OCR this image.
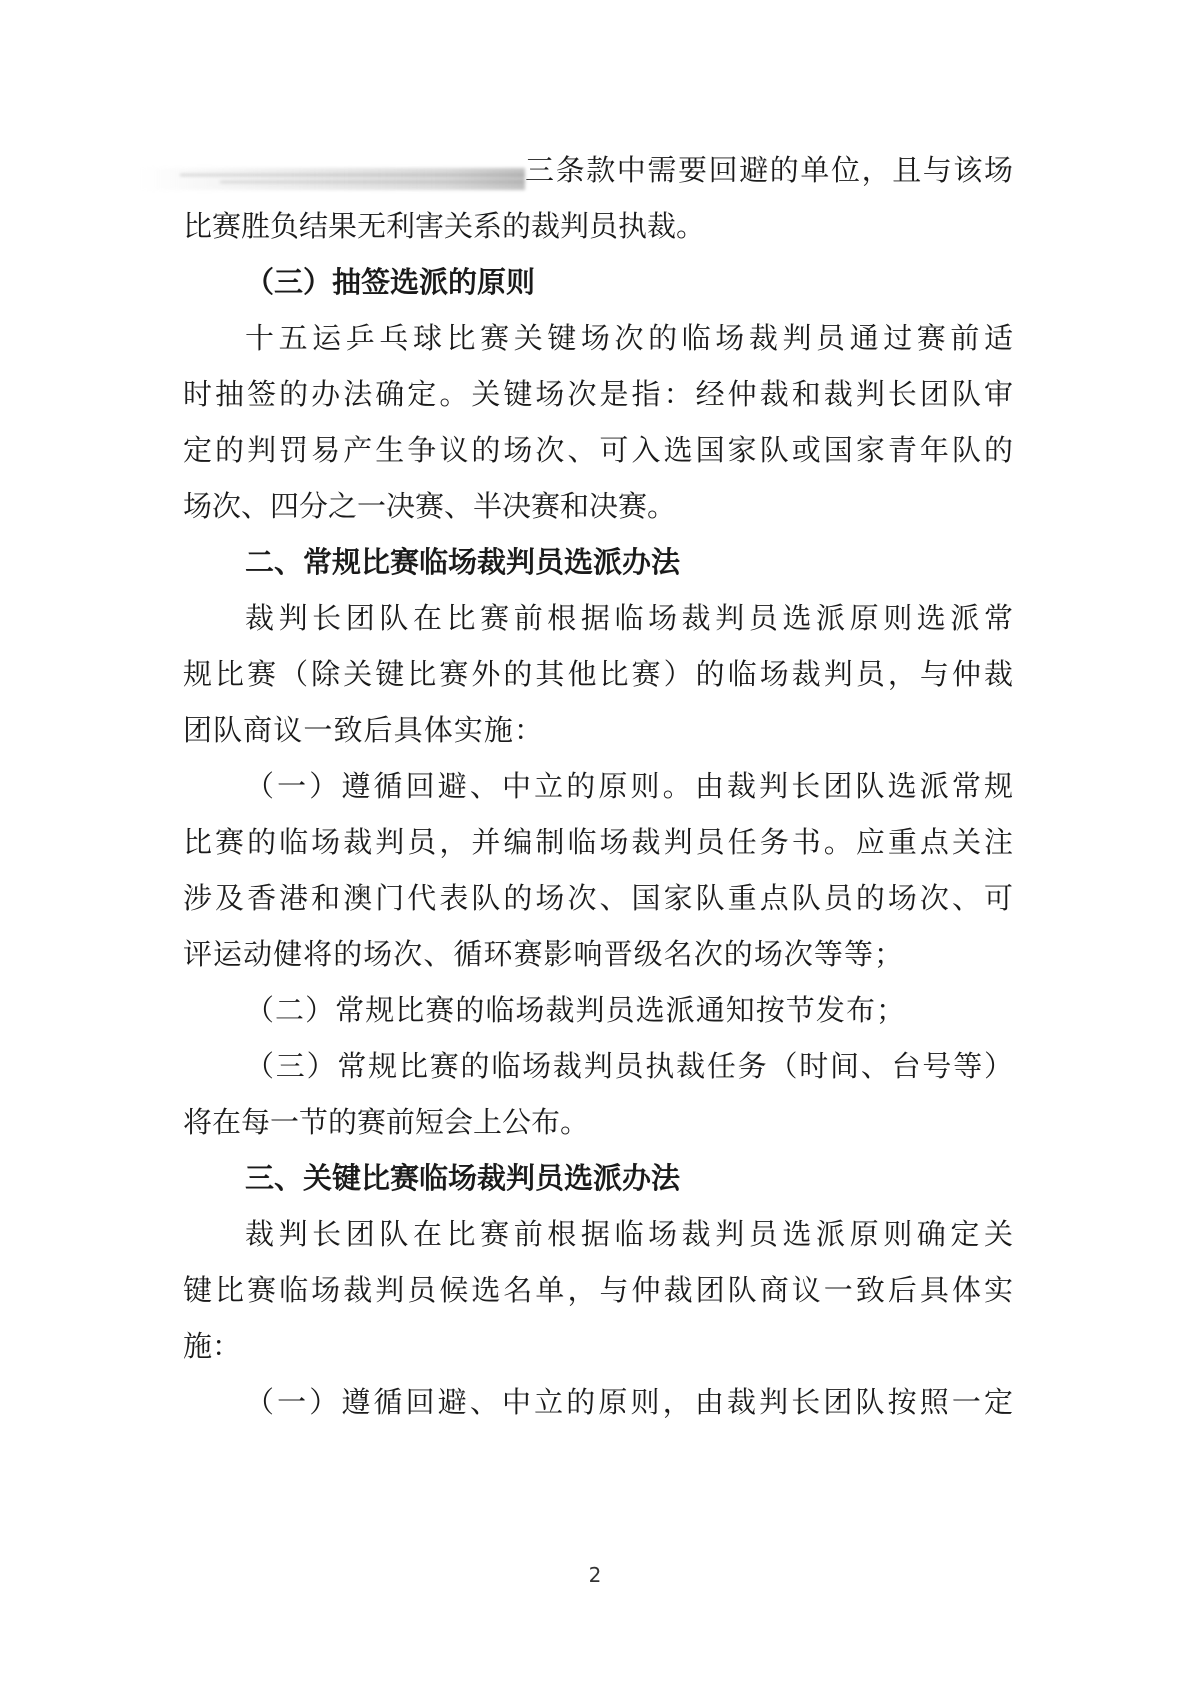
三条款中需要回避的单位，且与该场
比赛胜负结果无利害关系的裁判员执裁。
（三）抽签选派的原则
十五运乒乓球比赛关键场次的临场裁判员通过赛前适
时抽签的办法确定。关键场次是指：经仲裁和裁判长团队审
定的判罚易产生争议的场次、可入选国家队或国家青年队的
场次、四分之一决赛、半决赛和决赛。
二、常规比赛临场裁判员选派办法
裁判长团队在比赛前根据临场裁判员选派原则选派常
规比赛（除关键比赛外的其他比赛）的临场裁判员，与仲裁
团队商议一致后具体实施：
（一）遵循回避、中立的原则。由裁判长团队选派常规
比赛的临场裁判员，并编制临场裁判员任务书。应重点关注
涉及香港和澳门代表队的场次、国家队重点队员的场次、可
评运动健将的场次、循环赛影响晋级名次的场次等等；
（二）常规比赛的临场裁判员选派通知按节发布；
（三）常规比赛的临场裁判员执裁任务（时间、台号等）
将在每一节的赛前短会上公布。
三、关键比赛临场裁判员选派办法
裁判长团队在比赛前根据临场裁判员选派原则确定关
键比赛临场裁判员候选名单，与仲裁团队商议一致后具体实
施：
（一）遵循回避、中立的原则，由裁判长团队按照一定
2
